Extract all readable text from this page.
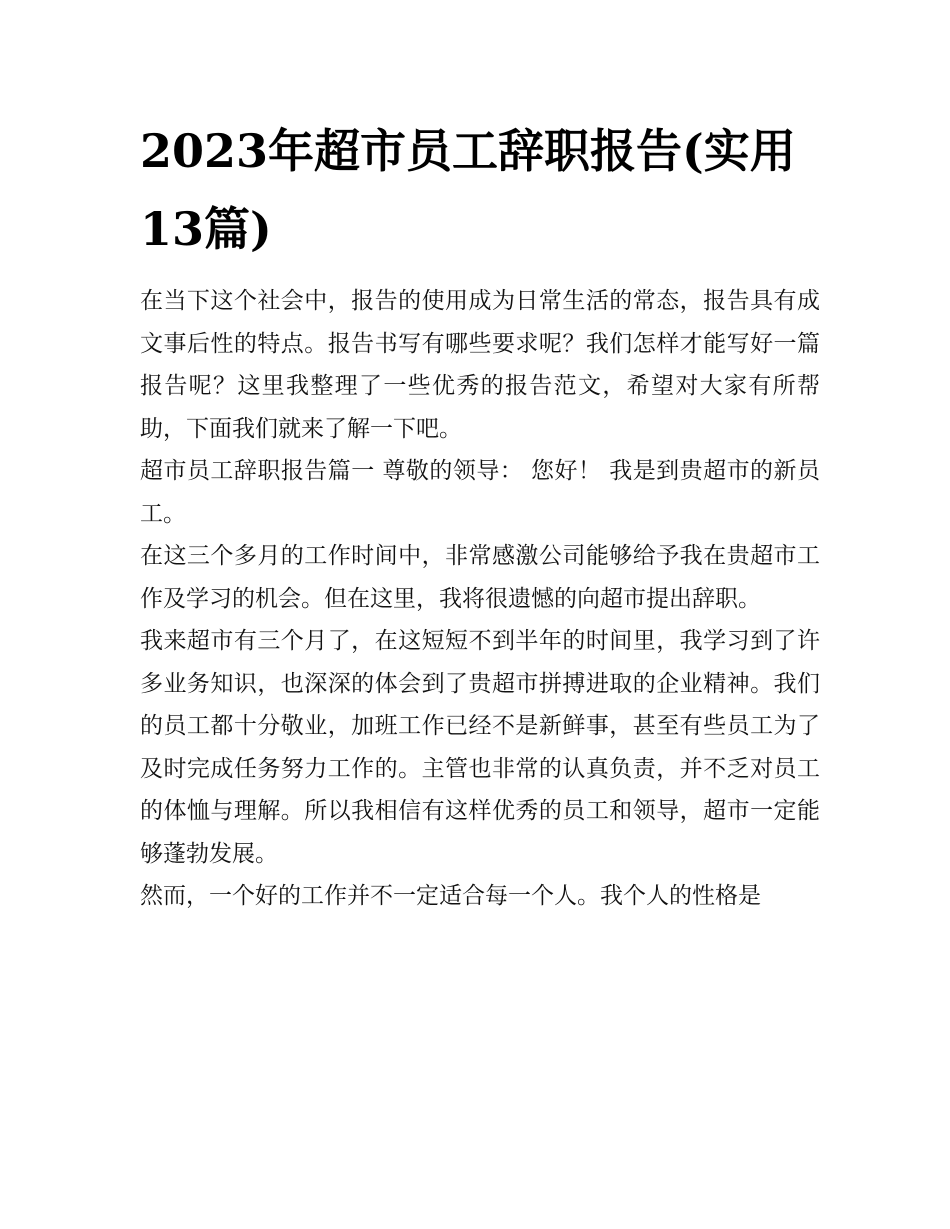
2023年超市员工辞职报告(实用13篇)

在当下这个社会中，报告的使用成为日常生活的常态，报告具有成文事后性的特点。报告书写有哪些要求呢？我们怎样才能写好一篇报告呢？这里我整理了一些优秀的报告范文，希望对大家有所帮助，下面我们就来了解一下吧。

超市员工辞职报告篇一 尊敬的领导： 您好！ 我是到贵超市的新员工。

在这三个多月的工作时间中，非常感激公司能够给予我在贵超市工作及学习的机会。但在这里，我将很遗憾的向超市提出辞职。

我来超市有三个月了，在这短短不到半年的时间里，我学习到了许多业务知识，也深深的体会到了贵超市拼搏进取的企业精神。我们的员工都十分敬业，加班工作已经不是新鲜事，甚至有些员工为了及时完成任务努力工作的。主管也非常的认真负责，并不乏对员工的体恤与理解。所以我相信有这样优秀的员工和领导，超市一定能够蓬勃发展。

然而，一个好的工作并不一定适合每一个人。我个人的性格是
